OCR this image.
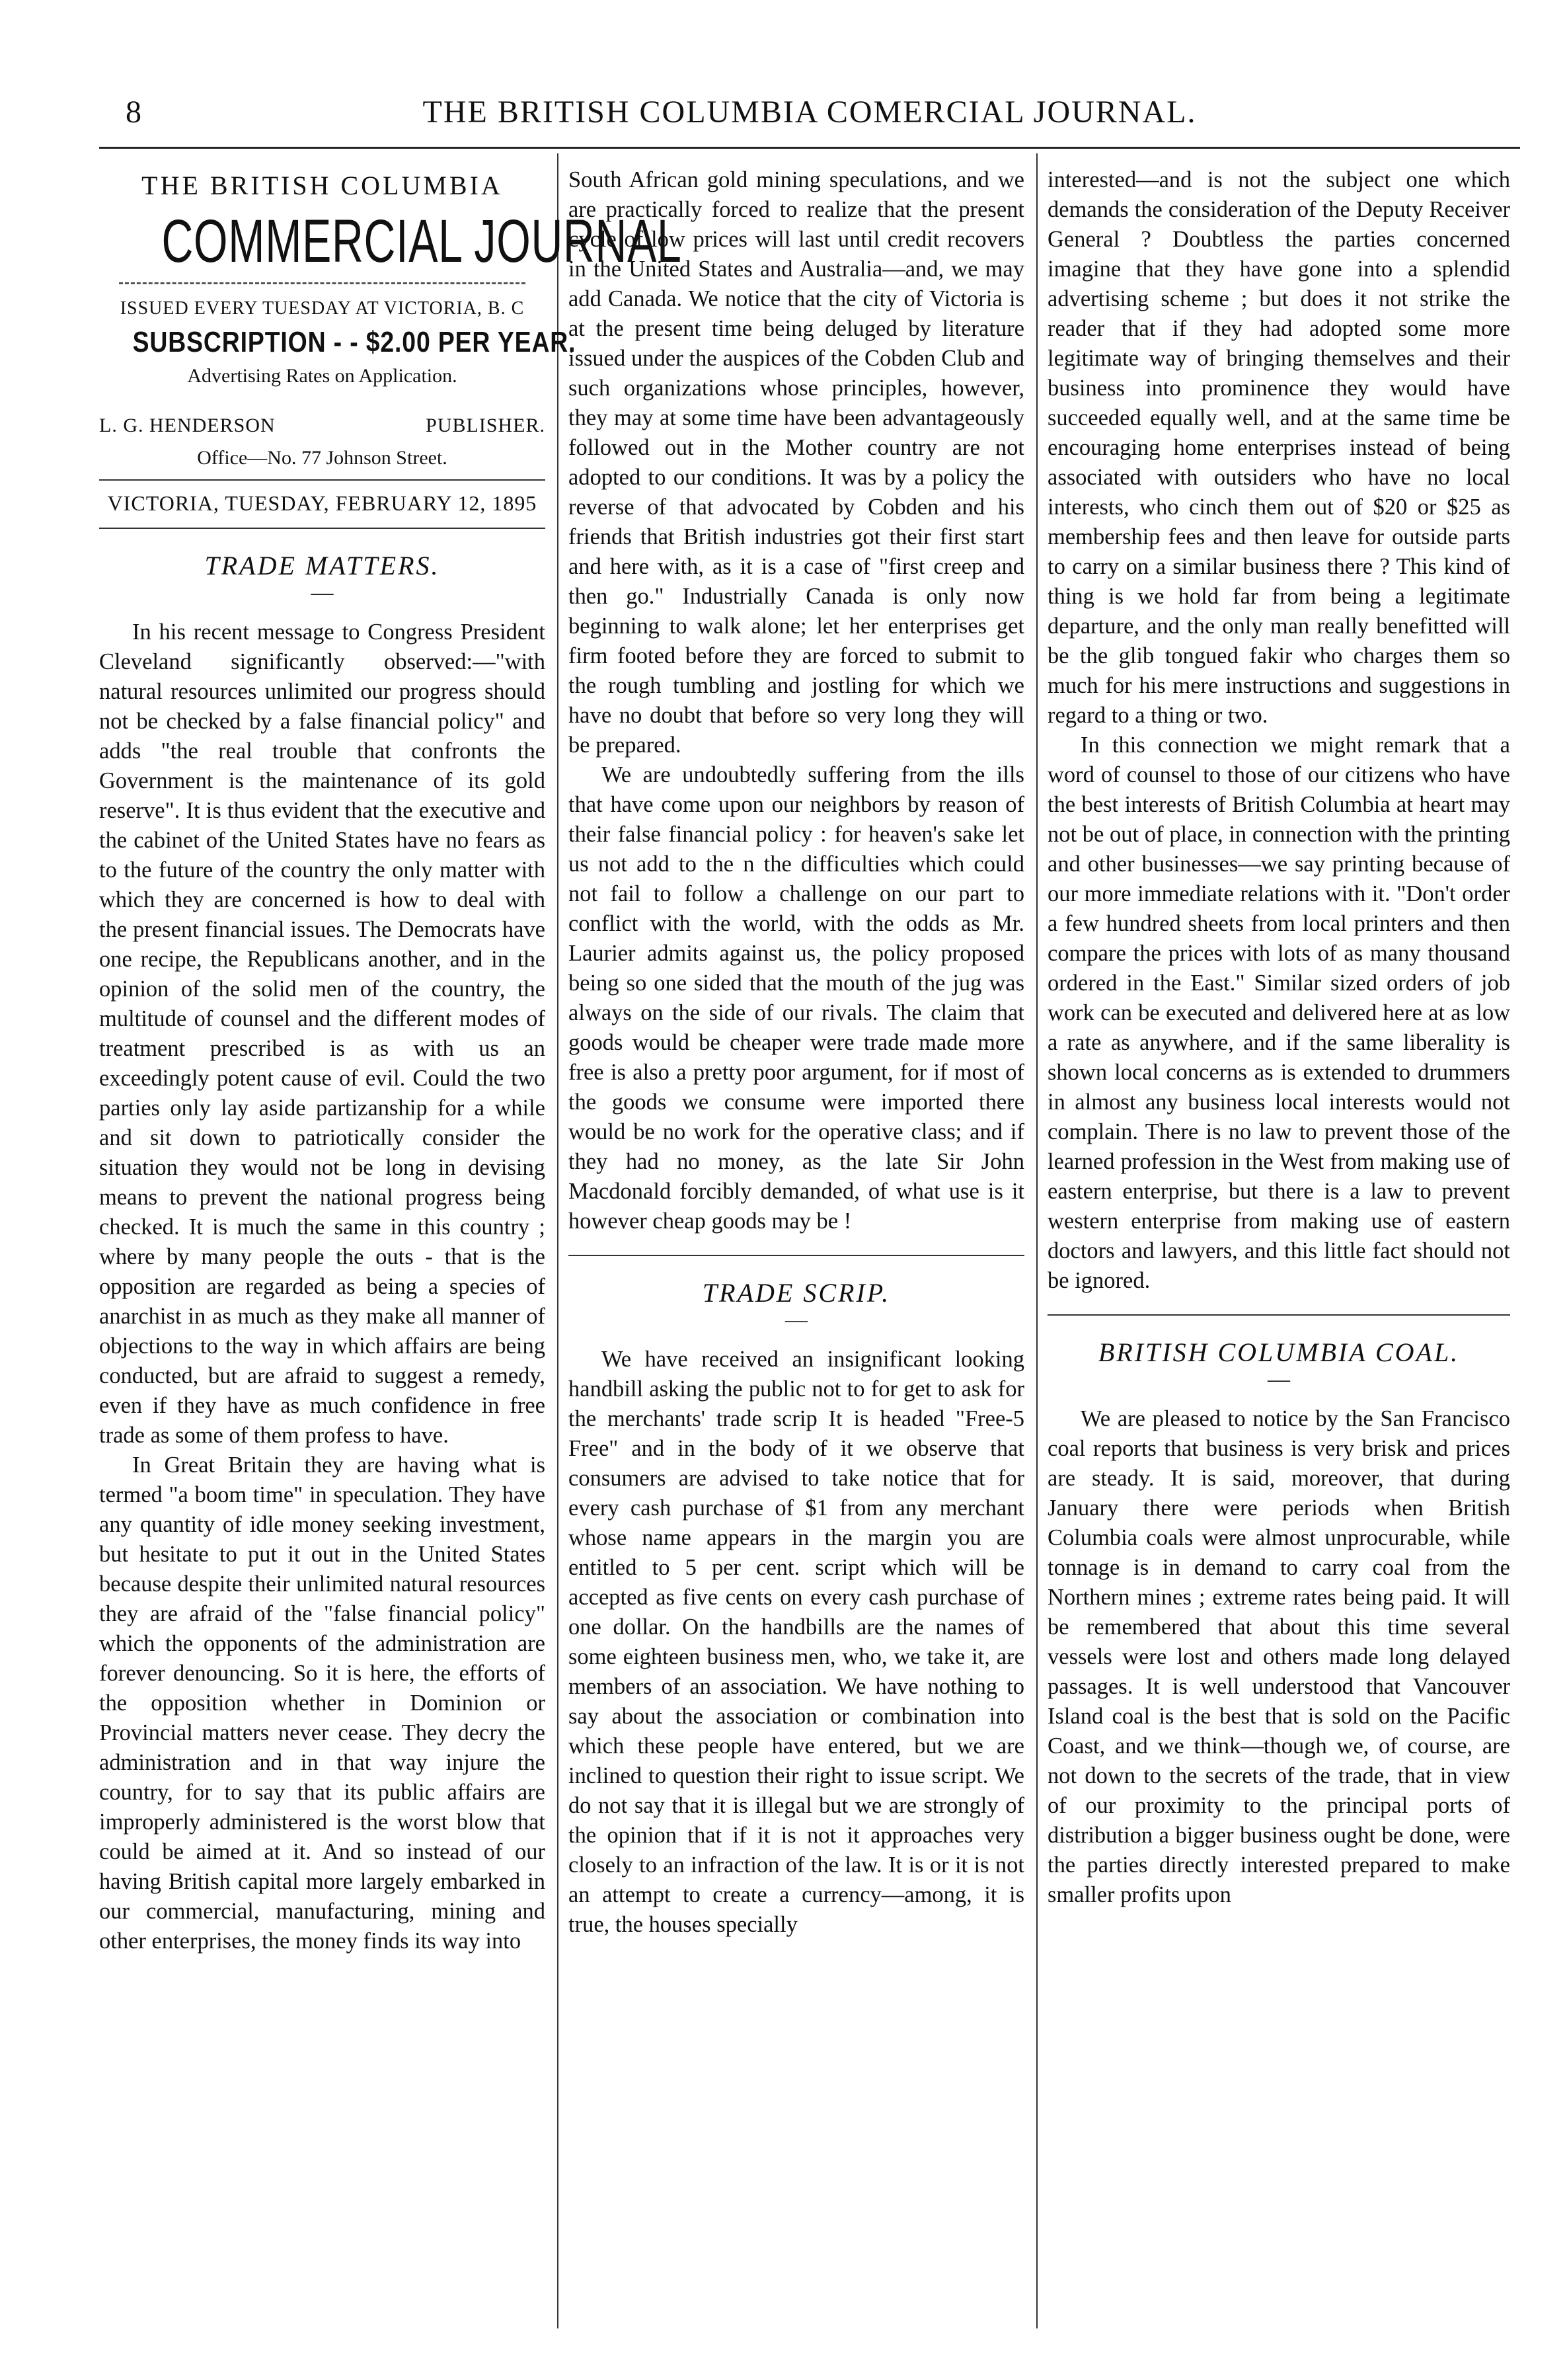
8	THE BRITISH COLUMBIA COMERCIAL JOURNAL.
THE BRITISH COLUMBIA
COMMERCIAL JOURNAL
ISSUED EVERY TUESDAY AT VICTORIA, B. C
SUBSCRIPTION - - $2.00 PER YEAR.
Advertising Rates on Application.
L. G. HENDERSON	PUBLISHER.
Office—No. 77 Johnson Street.
VICTORIA, TUESDAY, FEBRUARY 12, 1895
TRADE MATTERS.
—

In his recent message to Congress President Cleveland significantly observed:—"with natural resources unlimited our progress should not be checked by a false financial policy" and adds "the real trouble that confronts the Government is the maintenance of its gold reserve". It is thus evident that the executive and the cabinet of the United States have no fears as to the future of the country the only matter with which they are concerned is how to deal with the present financial issues. The Democrats have one recipe, the Republicans another, and in the opinion of the solid men of the country, the multitude of counsel and the different modes of treatment prescribed is as with us an exceedingly potent cause of evil. Could the two parties only lay aside partizanship for a while and sit down to patriotically consider the situation they would not be long in devising means to prevent the national progress being checked. It is much the same in this country ; where by many people the outs - that is the opposition are regarded as being a species of anarchist in as much as they make all manner of objections to the way in which affairs are being conducted, but are afraid to suggest a remedy, even if they have as much confidence in free trade as some of them profess to have.

In Great Britain they are having what is termed "a boom time" in speculation. They have any quantity of idle money seeking investment, but hesitate to put it out in the United States because despite their unlimited natural resources they are afraid of the "false financial policy" which the opponents of the administration are forever denouncing. So it is here, the efforts of the opposition whether in Dominion or Provincial matters never cease. They decry the administration and in that way injure the country, for to say that its public affairs are improperly administered is the worst blow that could be aimed at it. And so instead of our having British capital more largely embarked in our commercial, manufacturing, mining and other enterprises, the money finds its way into

South African gold mining speculations, and we are practically forced to realize that the present cycle of low prices will last until credit recovers in the United States and Australia—and, we may add Canada. We notice that the city of Victoria is at the present time being deluged by literature issued under the auspices of the Cobden Club and such organizations whose principles, however, they may at some time have been advantageously followed out in the Mother country are not adopted to our conditions. It was by a policy the reverse of that advocated by Cobden and his friends that British industries got their first start and here with, as it is a case of "first creep and then go." Industrially Canada is only now beginning to walk alone; let her enterprises get firm footed before they are forced to submit to the rough tumbling and jostling for which we have no doubt that before so very long they will be prepared.

We are undoubtedly suffering from the ills that have come upon our neighbors by reason of their false financial policy : for heaven's sake let us not add to the n the difficulties which could not fail to follow a challenge on our part to conflict with the world, with the odds as Mr. Laurier admits against us, the policy proposed being so one sided that the mouth of the jug was always on the side of our rivals. The claim that goods would be cheaper were trade made more free is also a pretty poor argument, for if most of the goods we consume were imported there would be no work for the operative class; and if they had no money, as the late Sir John Macdonald forcibly demanded, of what use is it however cheap goods may be !

TRADE SCRIP.
—

We have received an insignificant looking handbill asking the public not to for get to ask for the merchants' trade scrip It is headed "Free-5 Free" and in the body of it we observe that consumers are advised to take notice that for every cash purchase of $1 from any merchant whose name appears in the margin you are entitled to 5 per cent. script which will be accepted as five cents on every cash purchase of one dollar. On the handbills are the names of some eighteen business men, who, we take it, are members of an association. We have nothing to say about the association or combination into which these people have entered, but we are inclined to question their right to issue script. We do not say that it is illegal but we are strongly of the opinion that if it is not it approaches very closely to an infraction of the law. It is or it is not an attempt to create a currency—among, it is true, the houses specially

interested—and is not the subject one which demands the consideration of the Deputy Receiver General ? Doubtless the parties concerned imagine that they have gone into a splendid advertising scheme ; but does it not strike the reader that if they had adopted some more legitimate way of bringing themselves and their business into prominence they would have succeeded equally well, and at the same time be encouraging home enterprises instead of being associated with outsiders who have no local interests, who cinch them out of $20 or $25 as membership fees and then leave for outside parts to carry on a similar business there ? This kind of thing is we hold far from being a legitimate departure, and the only man really benefitted will be the glib tongued fakir who charges them so much for his mere instructions and suggestions in regard to a thing or two.

In this connection we might remark that a word of counsel to those of our citizens who have the best interests of British Columbia at heart may not be out of place, in connection with the printing and other businesses—we say printing because of our more immediate relations with it. "Don't order a few hundred sheets from local printers and then compare the prices with lots of as many thousand ordered in the East." Similar sized orders of job work can be executed and delivered here at as low a rate as anywhere, and if the same liberality is shown local concerns as is extended to drummers in almost any business local interests would not complain. There is no law to prevent those of the learned profession in the West from making use of eastern enterprise, but there is a law to prevent western enterprise from making use of eastern doctors and lawyers, and this little fact should not be ignored.

BRITISH COLUMBIA COAL.
—

We are pleased to notice by the San Francisco coal reports that business is very brisk and prices are steady. It is said, moreover, that during January there were periods when British Columbia coals were almost unprocurable, while tonnage is in demand to carry coal from the Northern mines ; extreme rates being paid. It will be remembered that about this time several vessels were lost and others made long delayed passages. It is well understood that Vancouver Island coal is the best that is sold on the Pacific Coast, and we think—though we, of course, are not down to the secrets of the trade, that in view of our proximity to the principal ports of distribution a bigger business ought be done, were the parties directly interested prepared to make smaller profits upon
